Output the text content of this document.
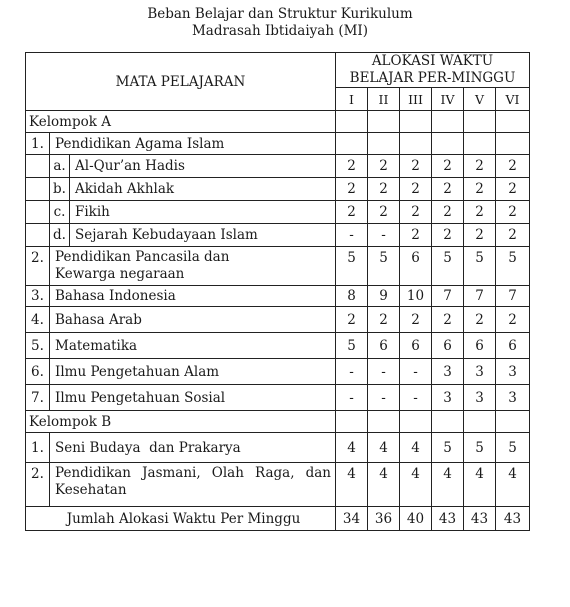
Beban Belajar dan Struktur Kurikulum
Madrasah Ibtidaiyah (MI)
MATA PELAJARAN			ALOKASI WAKTU
BELAJAR PER-MINGGU					

			I	II	III	IV	V	VI
Kelompok A								
1.	Pendidikan Agama Islam							
	a.	Al-Qur’an Hadis	2	2	2	2	2	2
	b.	Akidah Akhlak	2	2	2	2	2	2
	c.	Fikih	2	2	2	2	2	2
	d.	Sejarah Kebudayaan Islam	-	-	2	2	2	2
2.	Pendidikan Pancasila dan Kewarga negaraan		5	5	6	5	5	5
3.	Bahasa Indonesia		8	9	10	7	7	7
4.	Bahasa Arab		2	2	2	2	2	2
5.	Matematika		5	6	6	6	6	6
6.	Ilmu Pengetahuan Alam		-	-	-	3	3	3
7.	Ilmu Pengetahuan Sosial		-	-	-	3	3	3
Kelompok B								
1.	Seni Budaya  dan Prakarya		4	4	4	5	5	5
2.	Pendidikan Jasmani, Olah Raga, dan Kesehatan		4	4	4	4	4	4
Jumlah Alokasi Waktu Per Minggu			34	36	40	43	43	43
